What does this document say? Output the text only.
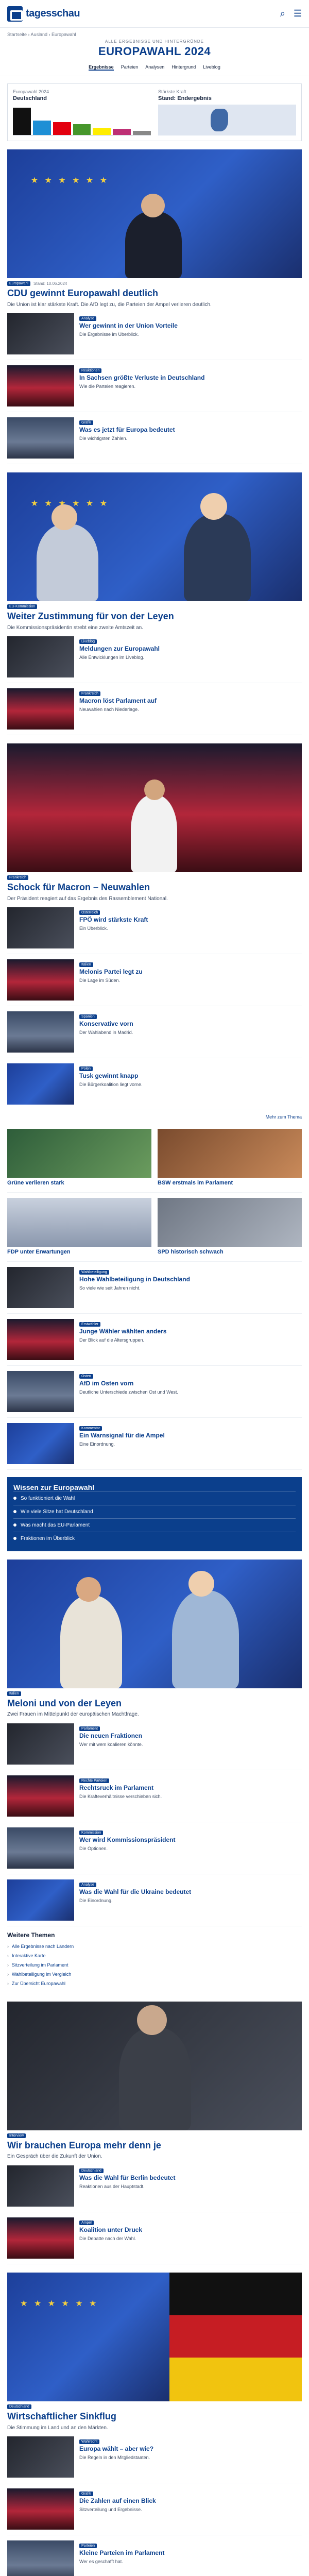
tagesschau	⌕ ☰
Startseite › Ausland › Europawahl
ALLE ERGEBNISSE UND HINTERGRÜNDE
EUROPAWAHL 2024
Ergebnisse Parteien Analysen Hintergrund Liveblog
Europawahl 2024
Deutschland
Stärkste Kraft
Stand: Endergebnis
★ ★ ★ ★ ★ ★
Europawahl	Stand: 10.06.2024
CDU gewinnt Europawahl deutlich
Die Union ist klar stärkste Kraft. Die AfD legt zu, die Parteien der Ampel verlieren deutlich.
Analyse
Wer gewinnt in der Union Vorteile
Die Ergebnisse im Überblick.
Reaktionen
In Sachsen größte Verluste in Deutschland
Wie die Parteien reagieren.
Grafik
Was es jetzt für Europa bedeutet
Die wichtigsten Zahlen.
★ ★ ★ ★ ★ ★
EU-Kommission
Weiter Zustimmung für von der Leyen
Die Kommissionspräsidentin strebt eine zweite Amtszeit an.
Liveblog
Meldungen zur Europawahl
Alle Entwicklungen im Liveblog.
Frankreich
Macron löst Parlament auf
Neuwahlen nach Niederlage.
Frankreich
Schock für Macron – Neuwahlen
Der Präsident reagiert auf das Ergebnis des Rassemblement National.
Österreich
FPÖ wird stärkste Kraft
Ein Überblick.
Italien
Melonis Partei legt zu
Die Lage im Süden.
Spanien
Konservative vorn
Der Wahlabend in Madrid.
Polen
Tusk gewinnt knapp
Die Bürgerkoalition liegt vorne.
Mehr zum Thema
Grüne verlieren stark	BSW erstmals im Parlament
FDP unter Erwartungen	SPD historisch schwach
Wahlbeteiligung
Hohe Wahlbeteiligung in Deutschland
So viele wie seit Jahren nicht.
Erstwähler
Junge Wähler wählten anders
Der Blick auf die Altersgruppen.
Osten
AfD im Osten vorn
Deutliche Unterschiede zwischen Ost und West.
Kommentar
Ein Warnsignal für die Ampel
Eine Einordnung.
Wissen zur Europawahl
So funktioniert die Wahl
Wie viele Sitze hat Deutschland
Was macht das EU-Parlament
Fraktionen im Überblick
Italien
Meloni und von der Leyen
Zwei Frauen im Mittelpunkt der europäischen Machtfrage.
Parlament
Die neuen Fraktionen
Wer mit wem koalieren könnte.
Rechte Parteien
Rechtsruck im Parlament
Die Kräfteverhältnisse verschieben sich.
Kommission
Wer wird Kommissionspräsident
Die Optionen.
Analyse
Was die Wahl für die Ukraine bedeutet
Die Einordnung.
Weitere Themen
› Alle Ergebnisse nach Ländern
› Interaktive Karte
› Sitzverteilung im Parlament
› Wahlbeteiligung im Vergleich
› Zur Übersicht Europawahl
Interview
Wir brauchen Europa mehr denn je
Ein Gespräch über die Zukunft der Union.
Deutschland
Was die Wahl für Berlin bedeutet
Reaktionen aus der Hauptstadt.
Ampel
Koalition unter Druck
Die Debatte nach der Wahl.
★ ★ ★ ★ ★ ★
Deutschland
Wirtschaftlicher Sinkflug
Die Stimmung im Land und an den Märkten.
Wahlrecht
Europa wählt – aber wie?
Die Regeln in den Mitgliedstaaten.
Grafik
Die Zahlen auf einen Blick
Sitzverteilung und Ergebnisse.
Parteien
Kleine Parteien im Parlament
Wer es geschafft hat.
